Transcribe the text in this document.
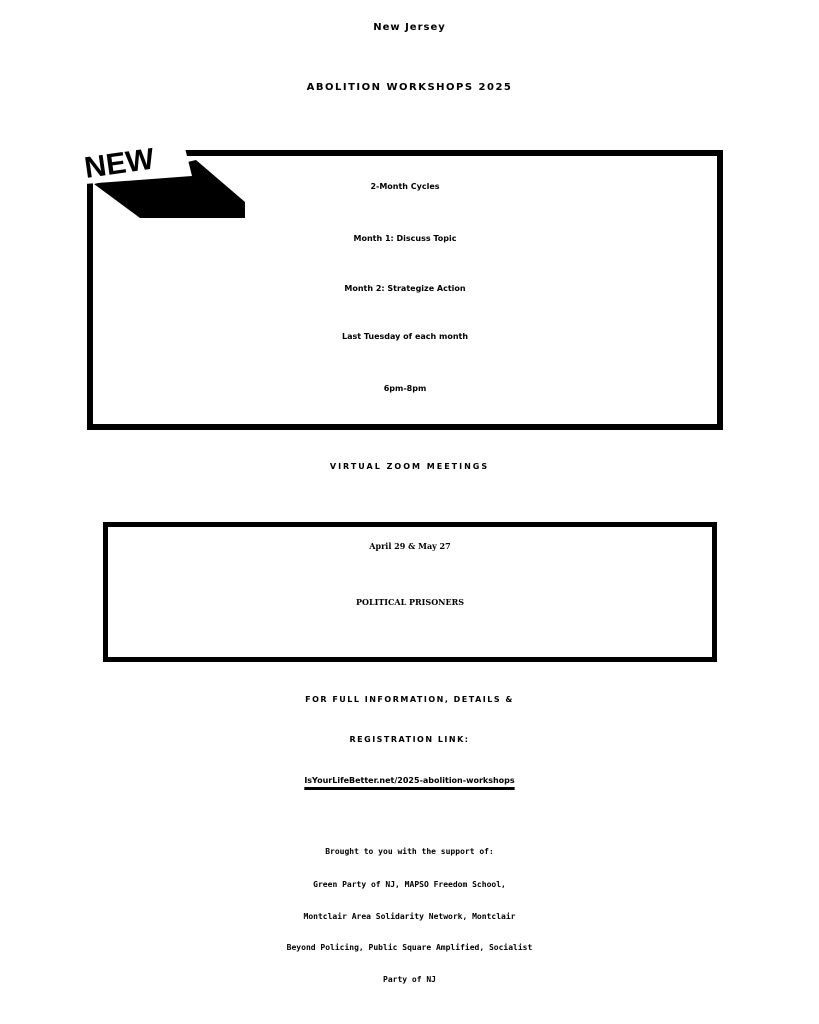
New Jersey
ABOLITION WORKSHOPS 2025
2-Month Cycles
Month 1: Discuss Topic
Month 2: Strategize Action
Last Tuesday of each month
6pm-8pm
NEW
VIRTUAL ZOOM MEETINGS
April 29 & May 27
POLITICAL PRISONERS
FOR FULL INFORMATION, DETAILS &
REGISTRATION LINK:
IsYourLifeBetter.net/2025-abolition-workshops
Brought to you with the support of:
Green Party of NJ, MAPSO Freedom School,
Montclair Area Solidarity Network, Montclair
Beyond Policing, Public Square Amplified, Socialist
Party of NJ
